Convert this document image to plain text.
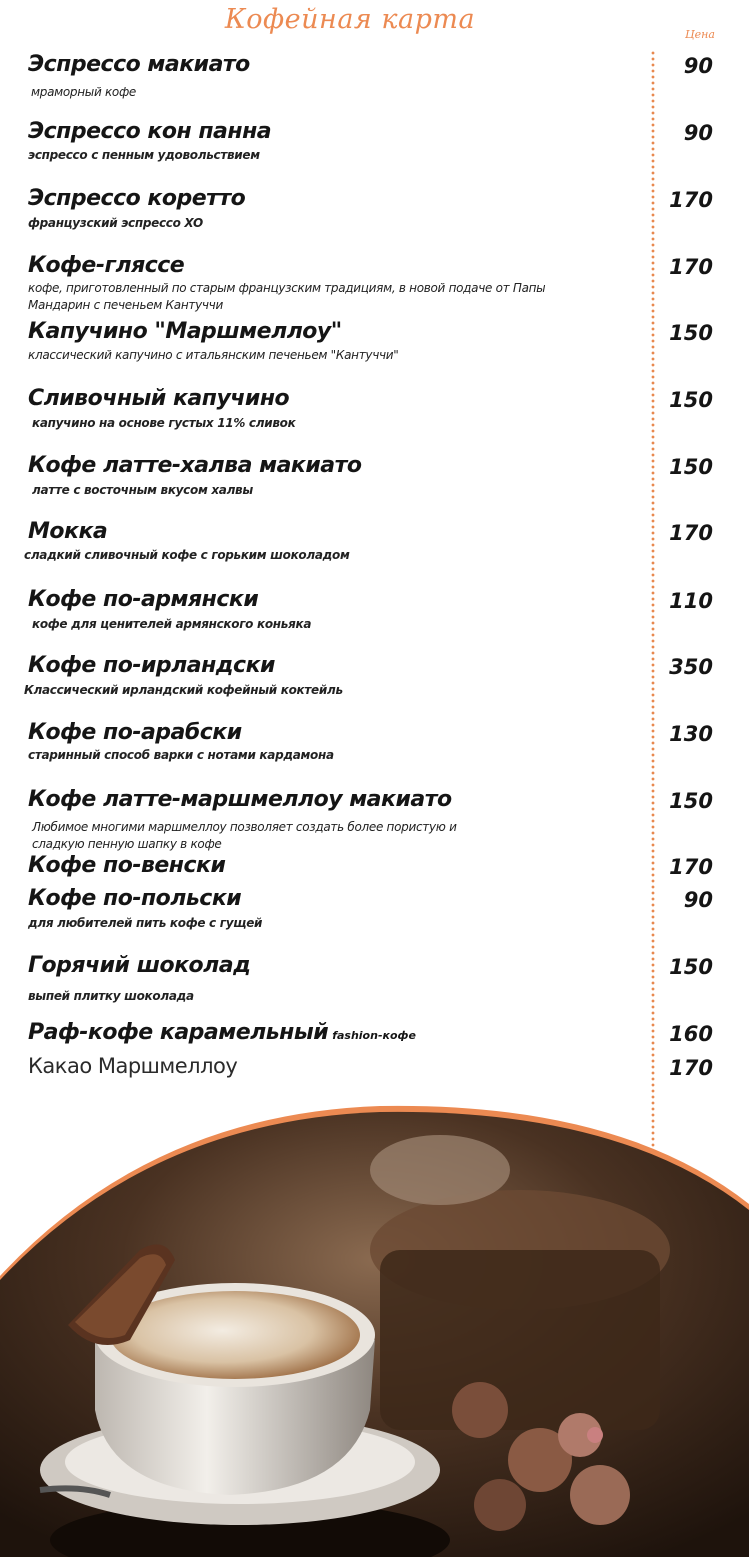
Кофейная карта	Цена
Эспрессо макиато	90
мраморный кофе
Эспрессо кон панна	90
эспрессо с пенным удовольствием
Эспрессо коретто	170
французский эспрессо XO
Кофе-гляссе	170
кофе, приготовленный по старым французским традициям, в новой подаче от Папы Мандарин с печеньем Кантуччи
Капучино "Маршмеллоу"	150
классический капучино с итальянским печеньем "Кантуччи"
Сливочный капучино	150
капучино на основе густых 11% сливок
Кофе латте-халва макиато	150
латте с восточным вкусом халвы
Мокка	170
сладкий сливочный кофе с горьким шоколадом
Кофе по-армянски	110
кофе для ценителей армянского коньяка
Кофе по-ирландски	350
Классический ирландский кофейный коктейль
Кофе по-арабски	130
старинный способ варки с нотами кардамона
Кофе латте-маршмеллоу макиато	150
Любимое многими маршмеллоу позволяет создать более пористую и сладкую пенную шапку в кофе
Кофе по-венски	170
Кофе по-польски	90
для любителей пить кофе с гущей
Горячий шоколад	150
выпей плитку шоколада
Раф-кофе карамельный fashion-кофе	160
Какао Маршмеллоу	170
